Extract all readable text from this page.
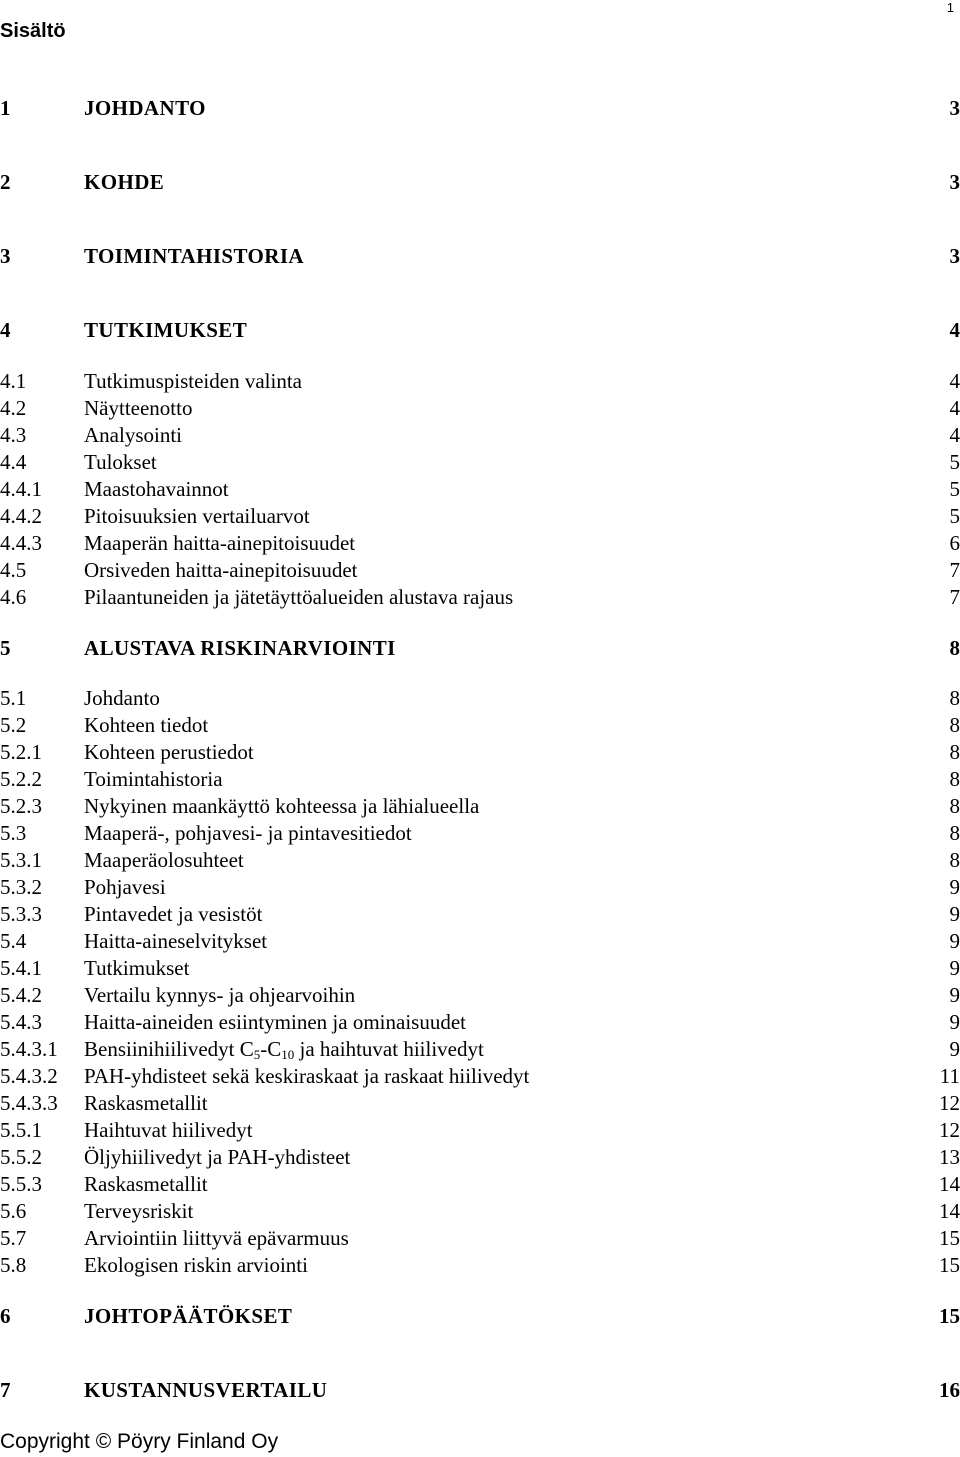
1
Sisältö
1	JOHDANTO	3
2	KOHDE	3
3	TOIMINTAHISTORIA	3
4	TUTKIMUKSET	4
4.1	Tutkimuspisteiden valinta	4
4.2	Näytteenotto	4
4.3	Analysointi	4
4.4	Tulokset	5
4.4.1 Maastohavainnot	5
4.4.2 Pitoisuuksien vertailuarvot	5
4.4.3 Maaperän haitta-ainepitoisuudet	6
4.5	Orsiveden haitta-ainepitoisuudet	7
4.6	Pilaantuneiden ja jätetäyttöalueiden alustava rajaus	7
5	ALUSTAVA RISKINARVIOINTI	8
5.1	Johdanto	8
5.2	Kohteen tiedot	8
5.2.1 Kohteen perustiedot	8
5.2.2 Toimintahistoria	8
5.2.3 Nykyinen maankäyttö kohteessa ja lähialueella	8
5.3	Maaperä-, pohjavesi- ja pintavesitiedot	8
5.3.1 Maaperäolosuhteet	8
5.3.2 Pohjavesi	9
5.3.3 Pintavedet ja vesistöt	9
5.4	Haitta-aineselvitykset	9
5.4.1 Tutkimukset	9
5.4.2 Vertailu kynnys- ja ohjearvoihin	9
5.4.3 Haitta-aineiden esiintyminen ja ominaisuudet	9
5.4.3.1 Bensiinihiilivedyt $C_5-C_{10}$ ja haihtuvat hiilivedyt	9
5.4.3.2 PAH-yhdisteet sekä keskiraskaat ja raskaat hiilivedyt	11
5.4.3.3 Raskasmetallit	12
5.5.1 Haihtuvat hiilivedyt	12
5.5.2 Öljyhiilivedyt ja PAH-yhdisteet	13
5.5.3 Raskasmetallit	14
5.6	Terveysriskit	14
5.7	Arviointiin liittyvä epävarmuus	15
5.8	Ekologisen riskin arviointi	15
6	JOHTOPÄÄTÖKSET	15
7	KUSTANNUSVERTAILU	16
Copyright © Pöyry Finland Oy
